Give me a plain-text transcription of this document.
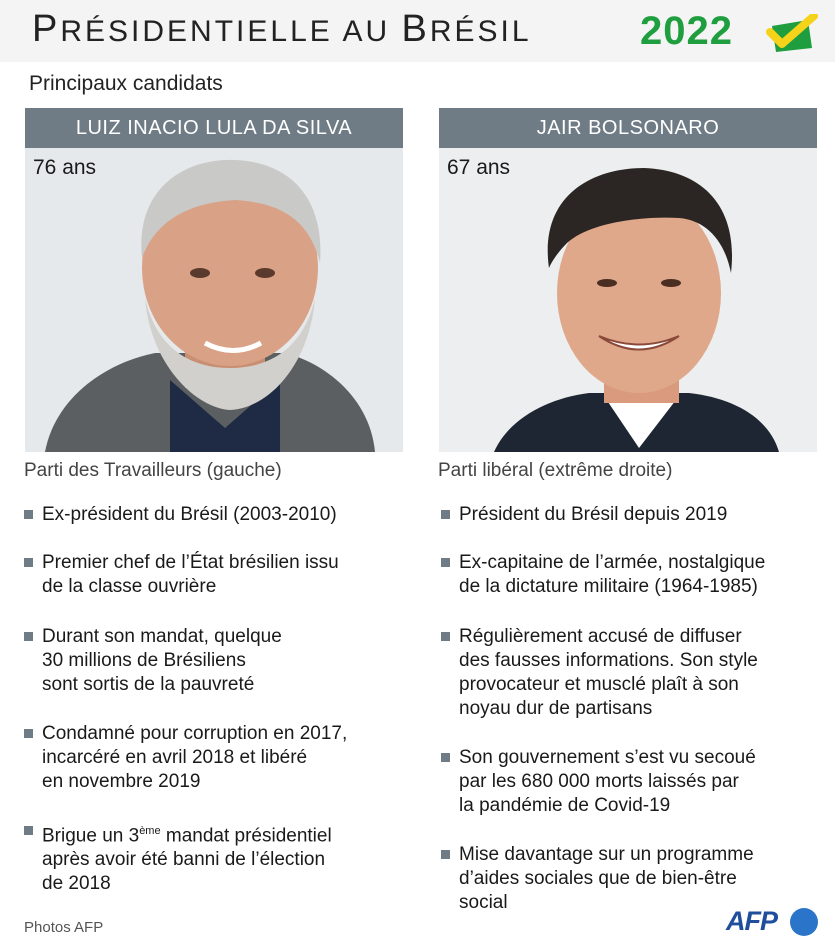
PRÉSIDENTIELLE AU BRÉSIL	2022
Principaux candidats
LUIZ INACIO LULA DA SILVA
76 ans
Parti des Travailleurs (gauche)
Ex-président du Brésil (2003-2010)
Premier chef de l’État brésilien issu
de la classe ouvrière
Durant son mandat, quelque
30 millions de Brésiliens
sont sortis de la pauvreté
Condamné pour corruption en 2017,
incarcéré en avril 2018 et libéré
en novembre 2019
Brigue un 3ème mandat présidentiel
après avoir été banni de l’élection
de 2018
JAIR BOLSONARO
67 ans
Parti libéral (extrême droite)
Président du Brésil depuis 2019
Ex-capitaine de l’armée, nostalgique
de la dictature militaire (1964-1985)
Régulièrement accusé de diffuser
des fausses informations. Son style
provocateur et musclé plaît à son
noyau dur de partisans
Son gouvernement s’est vu secoué
par les 680 000 morts laissés par
la pandémie de Covid-19
Mise davantage sur un programme
d’aides sociales que de bien-être
social
Photos AFP	AFP
